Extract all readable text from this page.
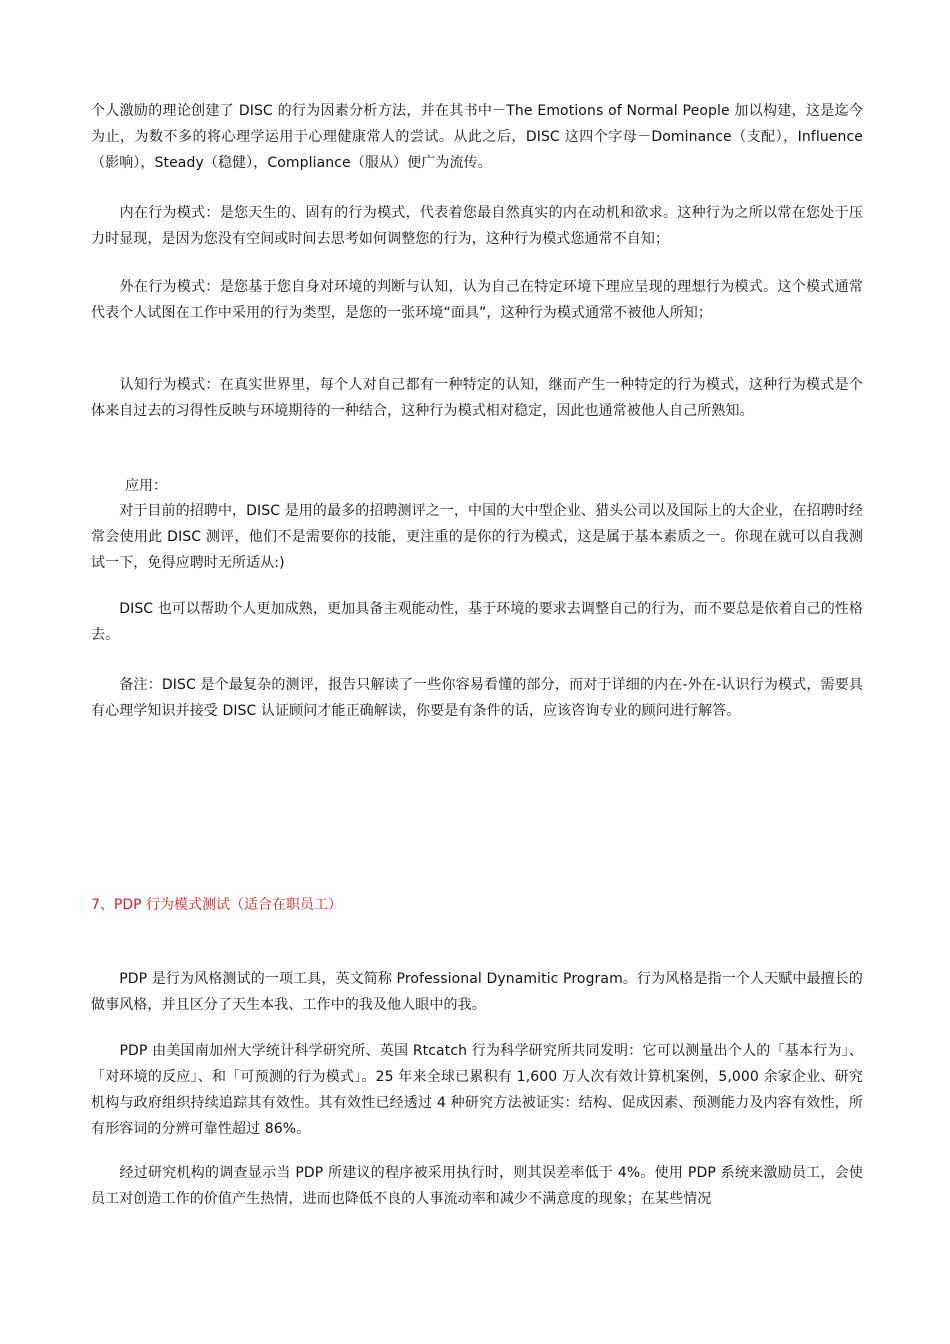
个人激励的理论创建了 DISC 的行为因素分析方法，并在其书中－The Emotions of Normal People 加以构建，这是迄今为止，为数不多的将心理学运用于心理健康常人的尝试。从此之后，DISC 这四个字母－Dominance（支配），Influence（影响），Steady（稳健），Compliance（服从）便广为流传。
　　内在行为模式：是您天生的、固有的行为模式，代表着您最自然真实的内在动机和欲求。这种行为之所以常在您处于压力时显现，是因为您没有空间或时间去思考如何调整您的行为，这种行为模式您通常不自知；
　　外在行为模式：是您基于您自身对环境的判断与认知，认为自己在特定环境下理应呈现的理想行为模式。这个模式通常代表个人试图在工作中采用的行为类型，是您的一张环境“面具”，这种行为模式通常不被他人所知；
　　认知行为模式：在真实世界里，每个人对自己都有一种特定的认知，继而产生一种特定的行为模式，这种行为模式是个体来自过去的习得性反映与环境期待的一种结合，这种行为模式相对稳定，因此也通常被他人自己所熟知。
应用：
　　对于目前的招聘中，DISC 是用的最多的招聘测评之一，中国的大中型企业、猎头公司以及国际上的大企业，在招聘时经常会使用此 DISC 测评，他们不是需要你的技能，更注重的是你的行为模式，这是属于基本素质之一。你现在就可以自我测试一下，免得应聘时无所适从:)
　　DISC 也可以帮助个人更加成熟，更加具备主观能动性，基于环境的要求去调整自己的行为，而不要总是依着自己的性格去。
　　备注：DISC 是个最复杂的测评，报告只解读了一些你容易看懂的部分，而对于详细的内在-外在-认识行为模式，需要具有心理学知识并接受 DISC 认证顾问才能正确解读，你要是有条件的话，应该咨询专业的顾问进行解答。
7、PDP 行为模式测试（适合在职员工）
　　PDP 是行为风格测试的一项工具，英文简称 Professional Dynamitic Program。行为风格是指一个人天赋中最擅长的做事风格，并且区分了天生本我、工作中的我及他人眼中的我。
　　PDP 由美国南加州大学统计科学研究所、英国 Rtcatch 行为科学研究所共同发明：它可以测量出个人的「基本行为」、「对环境的反应」、和「可预测的行为模式」。25 年来全球已累积有 1,600 万人次有效计算机案例，5,000 余家企业、研究机构与政府组织持续追踪其有效性。其有效性已经透过 4 种研究方法被证实：结构、促成因素、预测能力及内容有效性，所有形容词的分辨可靠性超过 86%。
　　经过研究机构的调查显示当 PDP 所建议的程序被采用执行时，则其误差率低于 4%。使用 PDP 系统来激励员工，会使员工对创造工作的价值产生热情，进而也降低不良的人事流动率和减少不满意度的现象；在某些情况
